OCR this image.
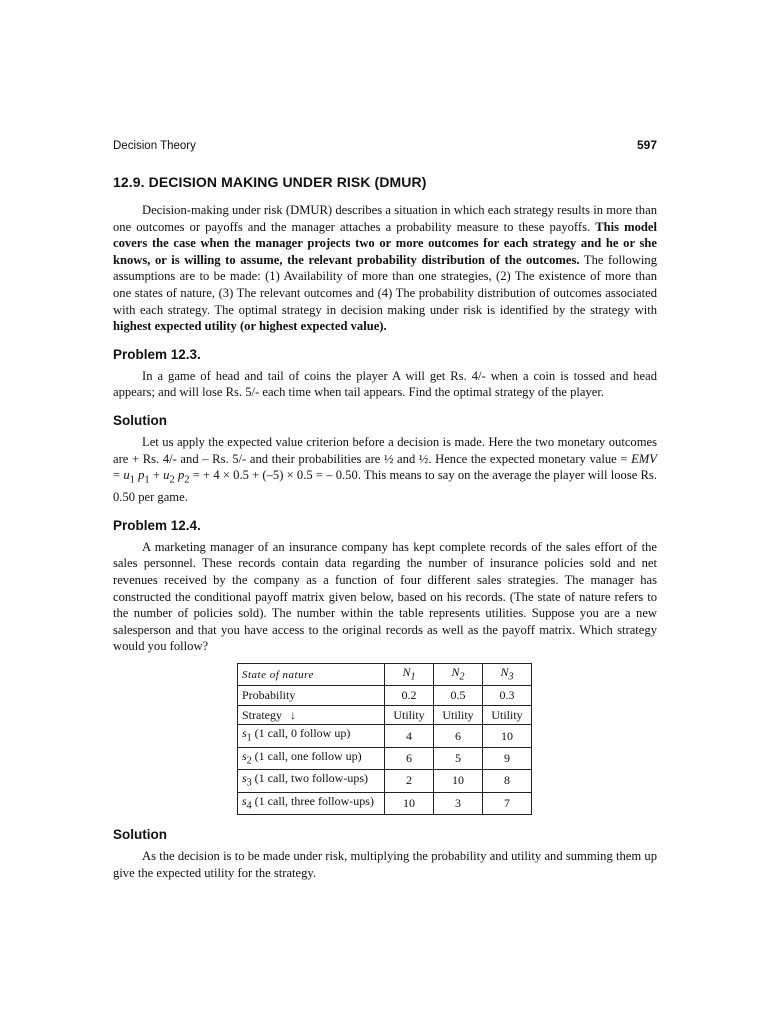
Decision Theory	597
12.9. DECISION MAKING UNDER RISK (DMUR)

Decision-making under risk (DMUR) describes a situation in which each strategy results in more than one outcomes or payoffs and the manager attaches a probability measure to these payoffs. This model covers the case when the manager projects two or more outcomes for each strategy and he or she knows, or is willing to assume, the relevant probability distribution of the outcomes. The following assumptions are to be made: (1) Availability of more than one strategies, (2) The existence of more than one states of nature, (3) The relevant outcomes and (4) The probability distribution of outcomes associated with each strategy. The optimal strategy in decision making under risk is identified by the strategy with highest expected utility (or highest expected value).

Problem 12.3.

In a game of head and tail of coins the player A will get Rs. 4/- when a coin is tossed and head appears; and will lose Rs. 5/- each time when tail appears. Find the optimal strategy of the player.

Solution

Let us apply the expected value criterion before a decision is made. Here the two monetary outcomes are + Rs. 4/- and – Rs. 5/- and their probabilities are ½ and ½. Hence the expected monetary value = EMV = $u_1$ $p_1 + u_2$ $p_2$ = + 4 × 0.5 + (–5) × 0.5 = – 0.50. This means to say on the average the player will loose Rs. 0.50 per game.

Problem 12.4.

A marketing manager of an insurance company has kept complete records of the sales effort of the sales personnel. These records contain data regarding the number of insurance policies sold and net revenues received by the company as a function of four different sales strategies. The manager has constructed the conditional payoff matrix given below, based on his records. (The state of nature refers to the number of policies sold). The number within the table represents utilities. Suppose you are a new salesperson and that you have access to the original records as well as the payoff matrix. Which strategy would you follow?

State of nature	$N_1$	$N_2$	$N_3$
Probability	0.2	0.5	0.3
Strategy ↓	Utility	Utility	Utility
$s_1$ (1 call, 0 follow up)	4	6	10
$s_2$ (1 call, one follow up)	6	5	9
$s_3$ (1 call, two follow-ups)	2	10	8
$s_4$ (1 call, three follow-ups)	10	3	7
Solution

As the decision is to be made under risk, multiplying the probability and utility and summing them up give the expected utility for the strategy.
